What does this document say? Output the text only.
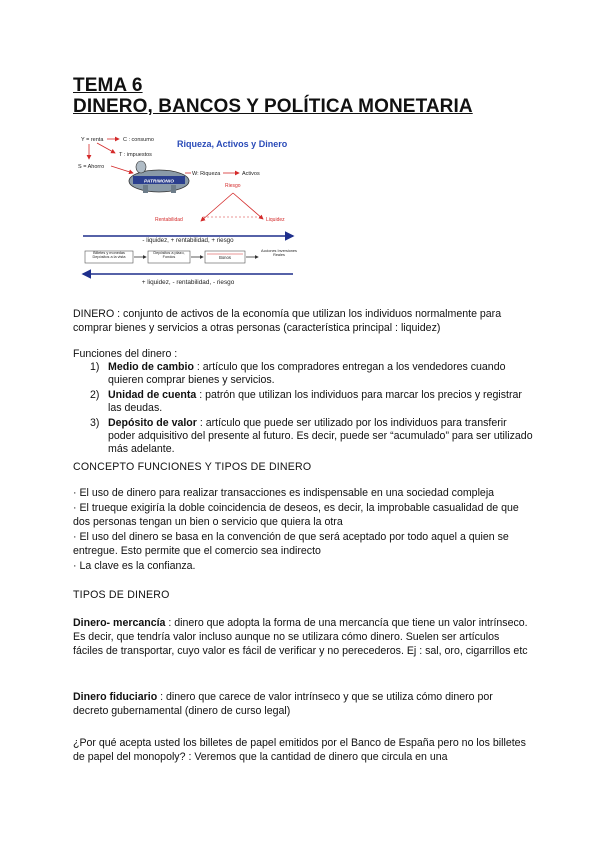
TEMA 6
DINERO, BANCOS Y POLÍTICA MONETARIA
Y = renta	C : consumo
T : impuestos
S = Ahorro
Riqueza, Activos y Dinero
PATRIMONIO
W: Riqueza	Activos
Riesgo
Rentabilidad	Liquidez
- liquidez, + rentabilidad, + riesgo
Billetes y monedas Depósitos a la vista
Depósitos a plazo, Fondos	Bonos
Acciones Inversiones Reales
+ liquidez, - rentabilidad, - riesgo

DINERO : conjunto de activos de la economía que utilizan los individuos normalmente para comprar bienes y servicios a otras personas (característica principal : liquidez)

Funciones del dinero :

1) Medio de cambio : artículo que los compradores entregan a los vendedores cuando quieren comprar bienes y servicios.
2) Unidad de cuenta : patrón que utilizan los individuos para marcar los precios y registrar las deudas.
3) Depósito de valor : artículo que puede ser utilizado por los individuos para transferir poder adquisitivo del presente al futuro. Es decir, puede ser “acumulado” para ser utilizado más adelante.
CONCEPTO FUNCIONES Y TIPOS DE DINERO

· El uso de dinero para realizar transacciones es indispensable en una sociedad compleja

· El trueque exigiría la doble coincidencia de deseos, es decir, la improbable casualidad de que dos personas tengan un bien o servicio que quiera la otra

· El uso del dinero se basa en la convención de que será aceptado por todo aquel a quien se entregue. Esto permite que el comercio sea indirecto

· La clave es la confianza.

TIPOS DE DINERO

Dinero- mercancía : dinero que adopta la forma de una mercancía que tiene un valor intrínseco. Es decir, que tendría valor incluso aunque no se utilizara cómo dinero. Suelen ser artículos fáciles de transportar, cuyo valor es fácil de verificar y no perecederos. Ej : sal, oro, cigarrillos etc

Dinero fiduciario : dinero que carece de valor intrínseco y que se utiliza cómo dinero por decreto gubernamental (dinero de curso legal)

¿Por qué acepta usted los billetes de papel emitidos por el Banco de España pero no los billetes de papel del monopoly? : Veremos que la cantidad de dinero que circula en una
